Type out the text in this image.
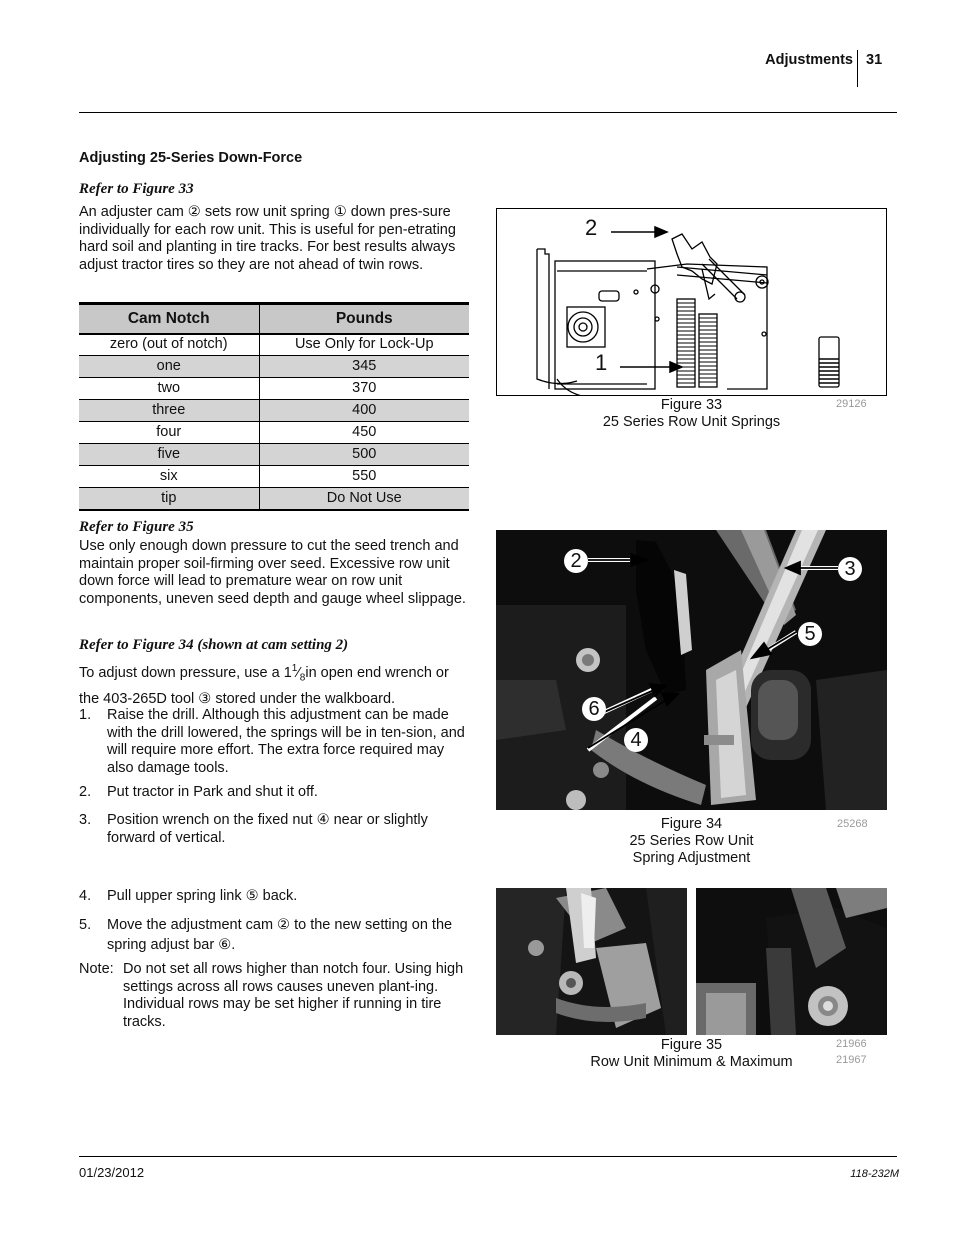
Adjustments 31
Adjusting 25-Series Down-Force
Refer to Figure 33
An adjuster cam ② sets row unit spring ① down pres-sure individually for each row unit. This is useful for pen-etrating hard soil and planting in tire tracks. For best results always adjust tractor tires so they are not ahead of twin rows.
Cam Notch	Pounds
zero (out of notch)	Use Only for Lock-Up
one	345
two	370
three	400
four	450
five	500
six	550
tip	Do Not Use
Refer to Figure 35
Use only enough down pressure to cut the seed trench and maintain proper soil-firming over seed. Excessive row unit down force will lead to premature wear on row unit components, uneven seed depth and gauge wheel slippage.
Refer to Figure 34 (shown at cam setting 2)
To adjust down pressure, use a $1^1⁄_8in$ open end wrench or the 403-265D tool ③ stored under the walkboard.
1. Raise the drill. Although this adjustment can be made with the drill lowered, the springs will be in ten-sion, and will require more effort. The extra force required may also damage tools.
2. Put tractor in Park and shut it off.
3. Position wrench on the fixed nut ④ near or slightly forward of vertical.
4. Pull upper spring link ⑤ back.
5. Move the adjustment cam ② to the new setting on the spring adjust bar ⑥.
Note: Do not set all rows higher than notch four. Using high settings across all rows causes uneven plant-ing. Individual rows may be set higher if running in tire tracks.
2
1
Figure 33
25 Series Row Unit Springs
29126
2	3
5
6
4
Figure 34
25 Series Row Unit
Spring Adjustment
25268
Figure 35
Row Unit Minimum & Maximum
21966
21967
01/23/2012	118-232M
